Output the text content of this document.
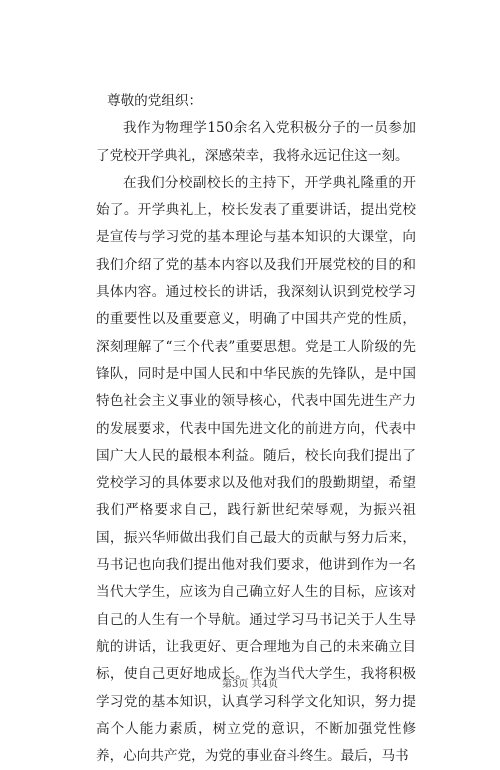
尊敬的党组织：

我作为物理学150余名入党积极分子的一员参加了党校开学典礼，深感荣幸，我将永远记住这一刻。

在我们分校副校长的主持下，开学典礼隆重的开始了。开学典礼上，校长发表了重要讲话，提出党校是宣传与学习党的基本理论与基本知识的大课堂，向我们介绍了党的基本内容以及我们开展党校的目的和具体内容。通过校长的讲话，我深刻认识到党校学习的重要性以及重要意义，明确了中国共产党的性质，深刻理解了“三个代表”重要思想。党是工人阶级的先锋队，同时是中国人民和中华民族的先锋队，是中国特色社会主义事业的领导核心，代表中国先进生产力的发展要求，代表中国先进文化的前进方向，代表中国广大人民的最根本利益。随后，校长向我们提出了党校学习的具体要求以及他对我们的殷勤期望，希望我们严格要求自己，践行新世纪荣辱观，为振兴祖国，振兴华师做出我们自己最大的贡献与努力后来，马书记也向我们提出他对我们要求，他讲到作为一名当代大学生，应该为自己确立好人生的目标，应该对自己的人生有一个导航。通过学习马书记关于人生导航的讲话，让我更好、更合理地为自己的未来确立目标，使自己更好地成长。作为当代大学生，我将积极学习党的基本知识，认真学习科学文化知识，努力提高个人能力素质，树立党的意识，不断加强党性修养，心向共产党，为党的事业奋斗终生。最后，马书

第3页 共4页
